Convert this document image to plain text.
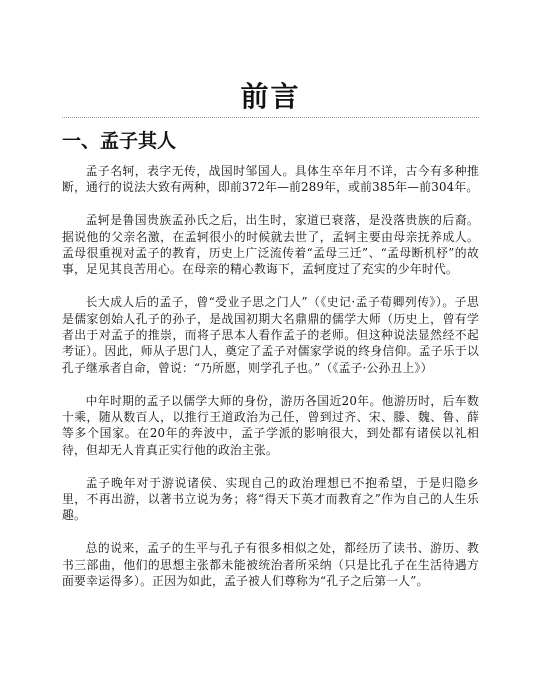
前言
一、孟子其人

孟子名轲，表字无传，战国时邹国人。具体生卒年月不详，古今有多种推断，通行的说法大致有两种，即前372年—前289年，或前385年—前304年。

孟轲是鲁国贵族孟孙氏之后，出生时，家道已衰落，是没落贵族的后裔。据说他的父亲名激，在孟轲很小的时候就去世了，孟轲主要由母亲抚养成人。孟母很重视对孟子的教育，历史上广泛流传着“孟母三迁”、“孟母断机杼”的故事，足见其良苦用心。在母亲的精心教诲下，孟轲度过了充实的少年时代。

长大成人后的孟子，曾“受业子思之门人”（《史记·孟子荀卿列传》）。子思是儒家创始人孔子的孙子，是战国初期大名鼎鼎的儒学大师（历史上，曾有学者出于对孟子的推崇，而将子思本人看作孟子的老师。但这种说法显然经不起考证）。因此，师从子思门人，奠定了孟子对儒家学说的终身信仰。孟子乐于以孔子继承者自命，曾说：“乃所愿，则学孔子也。”（《孟子·公孙丑上》）

中年时期的孟子以儒学大师的身份，游历各国近20年。他游历时，后车数十乘，随从数百人，以推行王道政治为己任，曾到过齐、宋、滕、魏、鲁、薛等多个国家。在20年的奔波中，孟子学派的影响很大，到处都有诸侯以礼相待，但却无人肯真正实行他的政治主张。

孟子晚年对于游说诸侯、实现自己的政治理想已不抱希望，于是归隐乡里，不再出游，以著书立说为务；将“得天下英才而教育之”作为自己的人生乐趣。

总的说来，孟子的生平与孔子有很多相似之处，都经历了读书、游历、教书三部曲，他们的思想主张都未能被统治者所采纳（只是比孔子在生活待遇方面要幸运得多）。正因为如此，孟子被人们尊称为“孔子之后第一人”。
